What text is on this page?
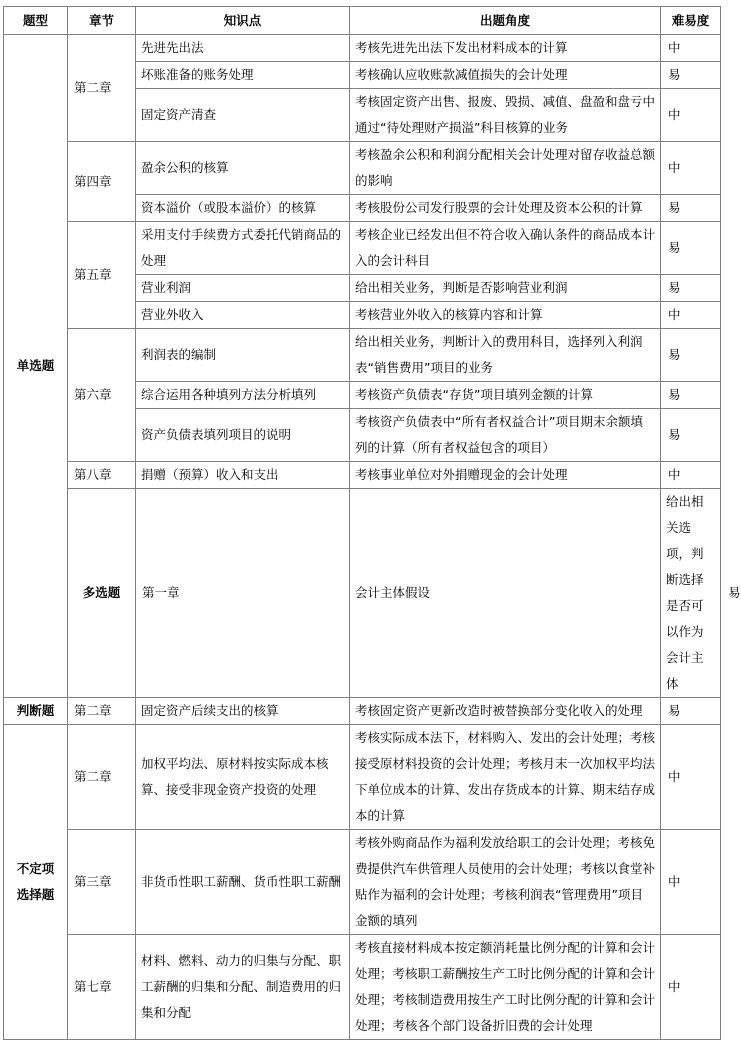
题型	章节	知识点	出题角度	难易度	
单选题	第二章	先进先出法	考核先进先出法下发出材料成本的计算	中	
		坏账准备的账务处理	考核确认应收账款减值损失的会计处理	易	
		固定资产清查	考核固定资产出售、报废、毁损、减值、盘盈和盘亏中通过“待处理财产损溢”科目核算的业务	中	
	第四章	盈余公积的核算	考核盈余公积和利润分配相关会计处理对留存收益总额的影响	中	
		资本溢价（或股本溢价）的核算	考核股份公司发行股票的会计处理及资本公积的计算	易	
	第五章	采用支付手续费方式委托代销商品的处理	考核企业已经发出但不符合收入确认条件的商品成本计入的会计科目	易	
		营业利润	给出相关业务，判断是否影响营业利润	易	
		营业外收入	考核营业外收入的核算内容和计算	中	
	第六章	利润表的编制	给出相关业务，判断计入的费用科目，选择列入利润表“销售费用”项目的业务	易	
		综合运用各种填列方法分析填列	考核资产负债表“存货”项目填列金额的计算	易	
		资产负债表填列项目的说明	考核资产负债表中“所有者权益合计”项目期末余额填列的计算（所有者权益包含的项目）	易	
	第八章	捐赠（预算）收入和支出	考核事业单位对外捐赠现金的会计处理	中	
	多选题	第一章	会计主体假设	给出相关选项，判断选择是否可以作为会计主体	易
判断题	第二章	固定资产后续支出的核算	考核固定资产更新改造时被替换部分变化收入的处理	易	
不定项选择题	第二章	加权平均法、原材料按实际成本核算、接受非现金资产投资的处理	考核实际成本法下，材料购入、发出的会计处理；考核接受原材料投资的会计处理；考核月末一次加权平均法下单位成本的计算、发出存货成本的计算、期末结存成本的计算	中	
	第三章	非货币性职工薪酬、货币性职工薪酬	考核外购商品作为福利发放给职工的会计处理；考核免费提供汽车供管理人员使用的会计处理；考核以食堂补贴作为福利的会计处理；考核利润表“管理费用”项目金额的填列	中	
	第七章	材料、燃料、动力的归集与分配、职工薪酬的归集和分配、制造费用的归集和分配	考核直接材料成本按定额消耗量比例分配的计算和会计处理；考核职工薪酬按生产工时比例分配的计算和会计处理；考核制造费用按生产工时比例分配的计算和会计处理；考核各个部门设备折旧费的会计处理	中	
